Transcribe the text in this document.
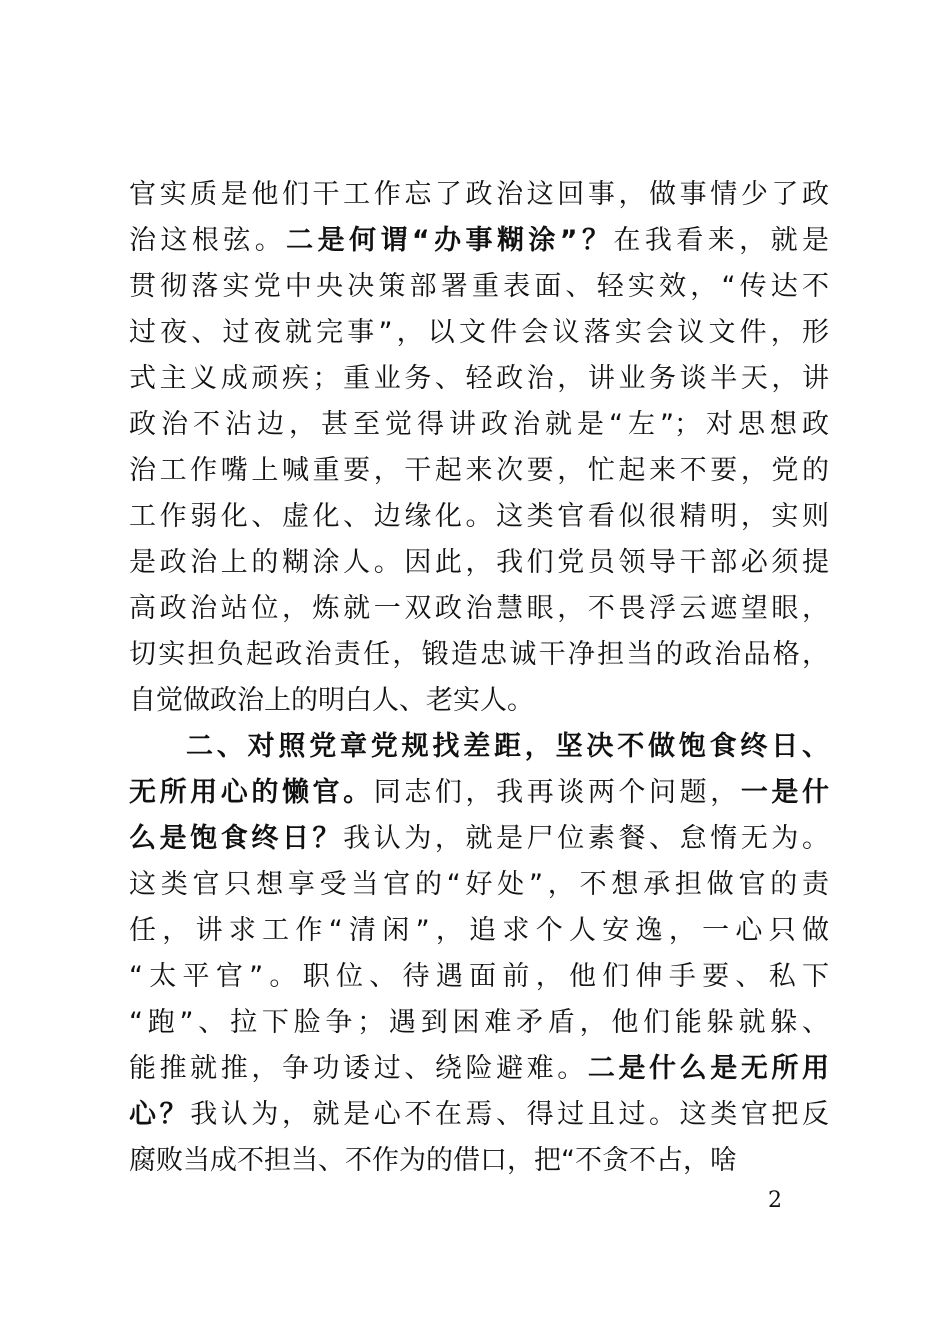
官实质是他们干工作忘了政治这回事，做事情少了政
治这根弦。二是何谓“办事糊涂”？在我看来，就是
贯彻落实党中央决策部署重表面、轻实效，“传达不
过夜、过夜就完事”，以文件会议落实会议文件，形
式主义成顽疾；重业务、轻政治，讲业务谈半天，讲
政治不沾边，甚至觉得讲政治就是“左”；对思想政
治工作嘴上喊重要，干起来次要，忙起来不要，党的
工作弱化、虚化、边缘化。这类官看似很精明，实则
是政治上的糊涂人。因此，我们党员领导干部必须提
高政治站位，炼就一双政治慧眼，不畏浮云遮望眼，
切实担负起政治责任，锻造忠诚干净担当的政治品格，
自觉做政治上的明白人、老实人。
二、对照党章党规找差距，坚决不做饱食终日、
无所用心的懒官。同志们，我再谈两个问题，一是什
么是饱食终日？我认为，就是尸位素餐、怠惰无为。
这类官只想享受当官的“好处”，不想承担做官的责
任，讲求工作“清闲”，追求个人安逸，一心只做
“太平官”。职位、待遇面前，他们伸手要、私下
“跑”、拉下脸争；遇到困难矛盾，他们能躲就躲、
能推就推，争功诿过、绕险避难。二是什么是无所用
心？我认为，就是心不在焉、得过且过。这类官把反
腐败当成不担当、不作为的借口，把“不贪不占，啥
2
